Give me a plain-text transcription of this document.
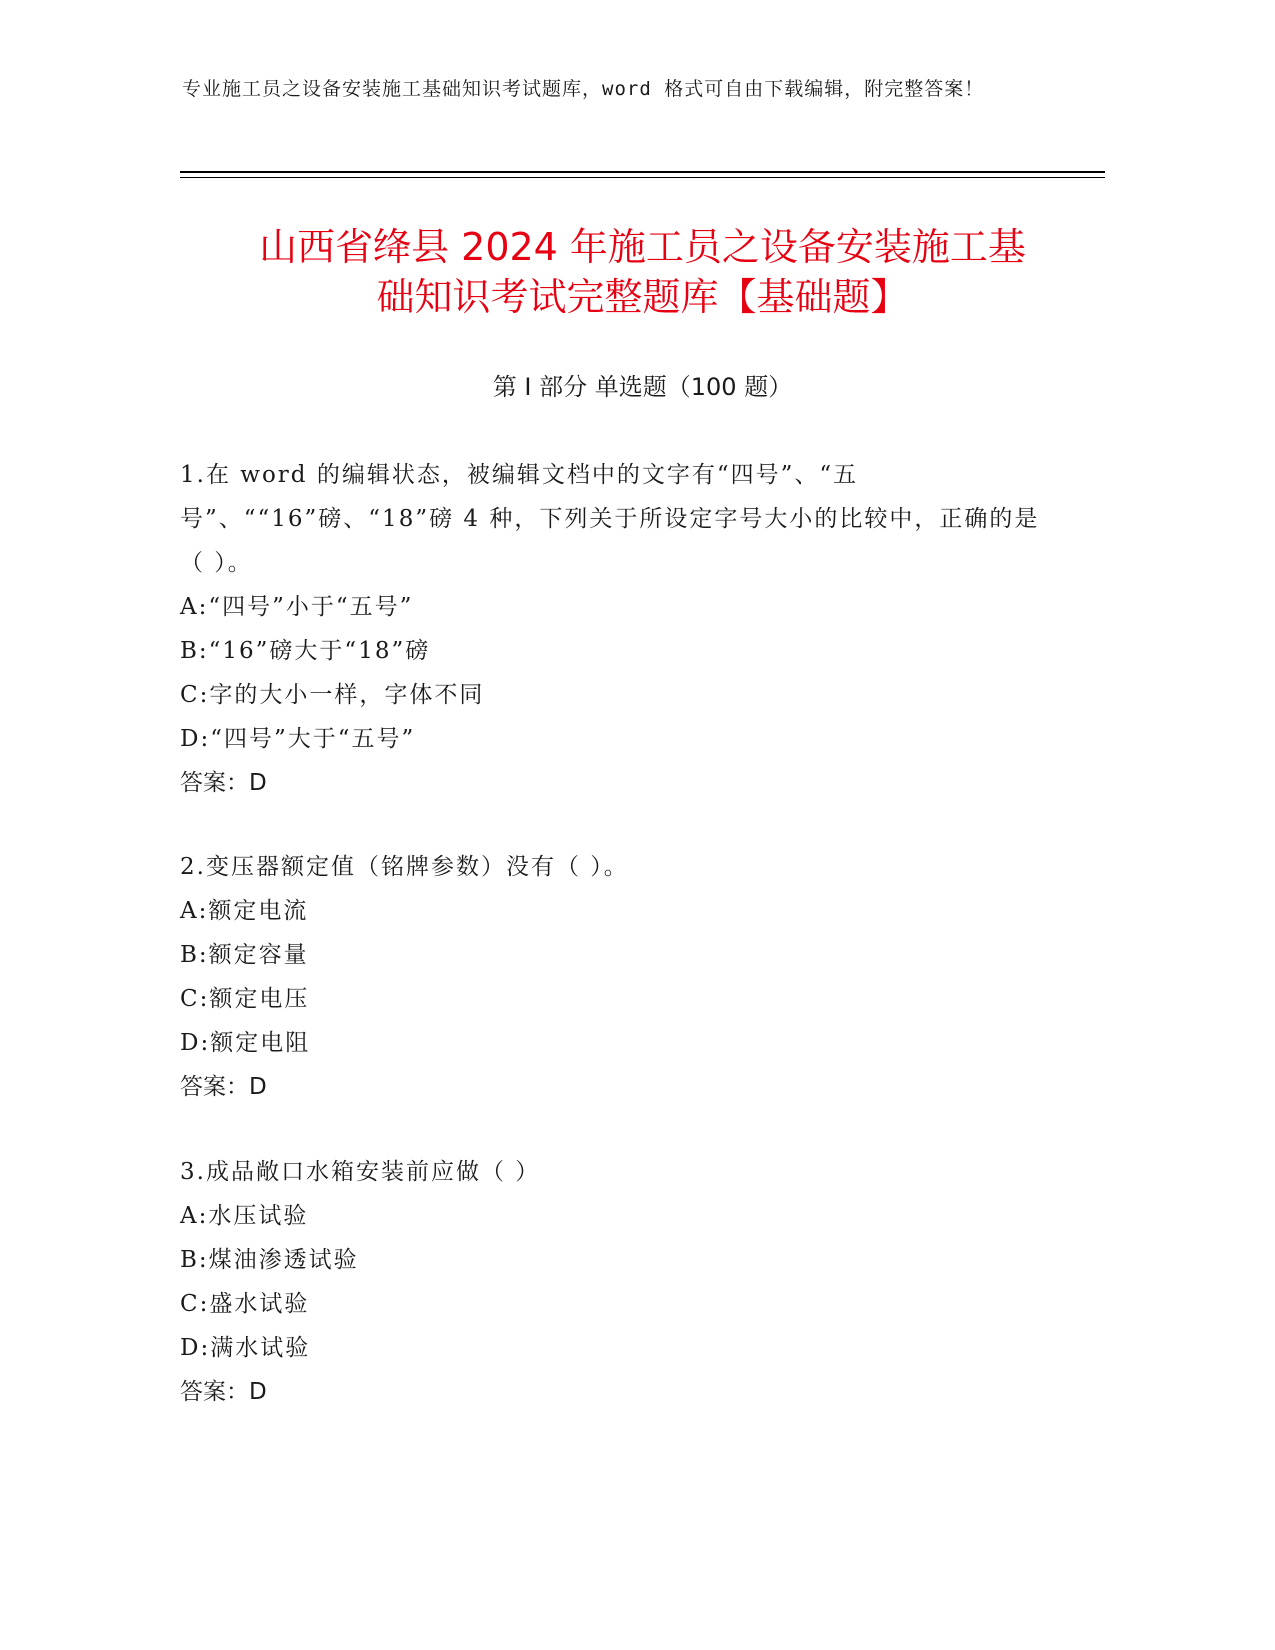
专业施工员之设备安装施工基础知识考试题库，word 格式可自由下载编辑，附完整答案！
山西省绛县 2024 年施工员之设备安装施工基
础知识考试完整题库【基础题】
第 I 部分 单选题（100 题）

1.在 word 的编辑状态，被编辑文档中的文字有“四号”、“五号”、““16”磅、“18”磅 4 种，下列关于所设定字号大小的比较中，正确的是（ ）。

A:“四号”小于“五号”

B:“16”磅大于“18”磅

C:字的大小一样，字体不同

D:“四号”大于“五号”

答案：D

2.变压器额定值（铭牌参数）没有（ ）。

A:额定电流

B:额定容量

C:额定电压

D:额定电阻

答案：D

3.成品敞口水箱安装前应做（ ）

A:水压试验

B:煤油渗透试验

C:盛水试验

D:满水试验

答案：D
